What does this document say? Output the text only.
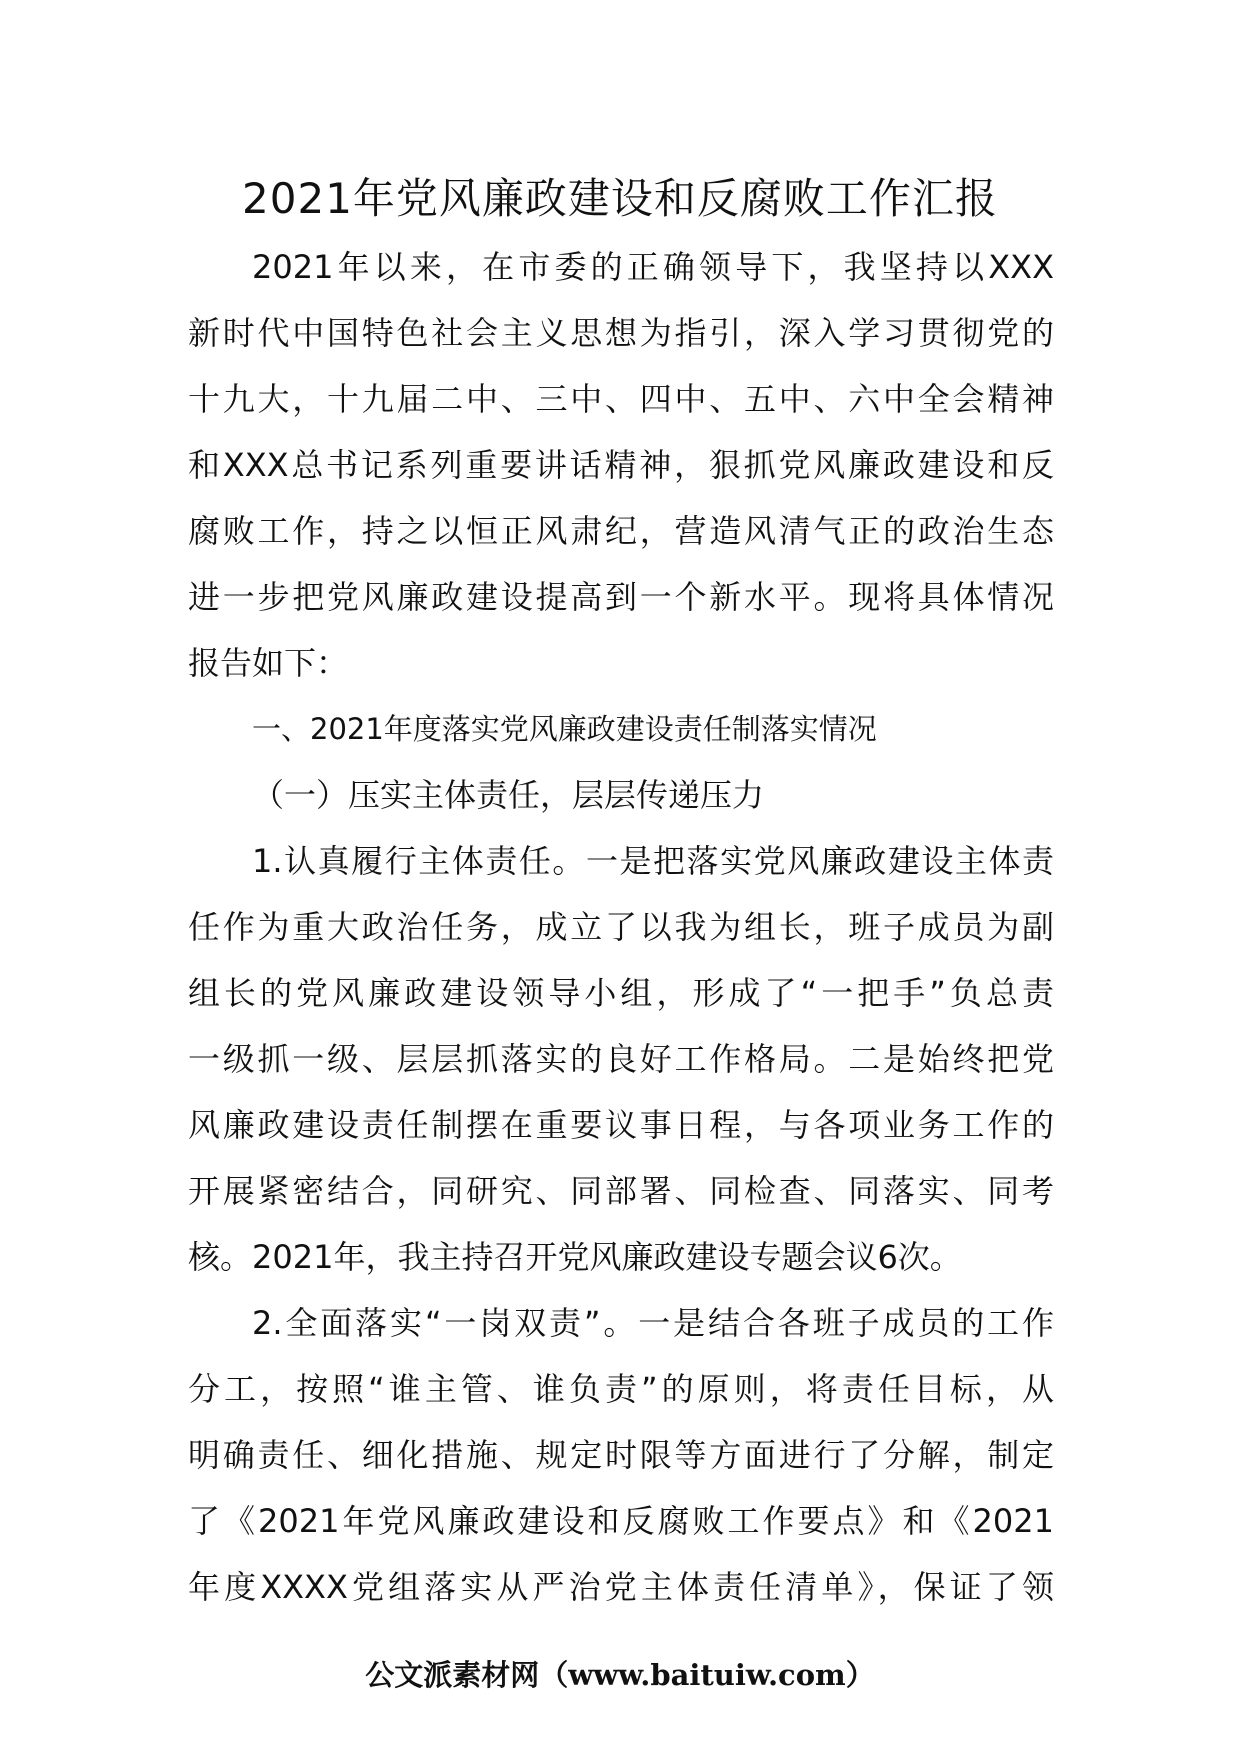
2021年党风廉政建设和反腐败工作汇报
2021年以来，在市委的正确领导下，我坚持以XXX
新时代中国特色社会主义思想为指引，深入学习贯彻党的
十九大，十九届二中、三中、四中、五中、六中全会精神
和XXX总书记系列重要讲话精神，狠抓党风廉政建设和反
腐败工作，持之以恒正风肃纪，营造风清气正的政治生态
进一步把党风廉政建设提高到一个新水平。现将具体情况
报告如下：
一、2021年度落实党风廉政建设责任制落实情况
（一）压实主体责任，层层传递压力
1.认真履行主体责任。一是把落实党风廉政建设主体责
任作为重大政治任务，成立了以我为组长，班子成员为副
组长的党风廉政建设领导小组，形成了“一把手”负总责
一级抓一级、层层抓落实的良好工作格局。二是始终把党
风廉政建设责任制摆在重要议事日程，与各项业务工作的
开展紧密结合，同研究、同部署、同检查、同落实、同考
核。2021年，我主持召开党风廉政建设专题会议6次。
2.全面落实“一岗双责”。一是结合各班子成员的工作
分工，按照“谁主管、谁负责”的原则，将责任目标，从
明确责任、细化措施、规定时限等方面进行了分解，制定
了《2021年党风廉政建设和反腐败工作要点》和《2021
年度XXXX党组落实从严治党主体责任清单》，保证了领
公文派素材网（www.baituiw.com）
